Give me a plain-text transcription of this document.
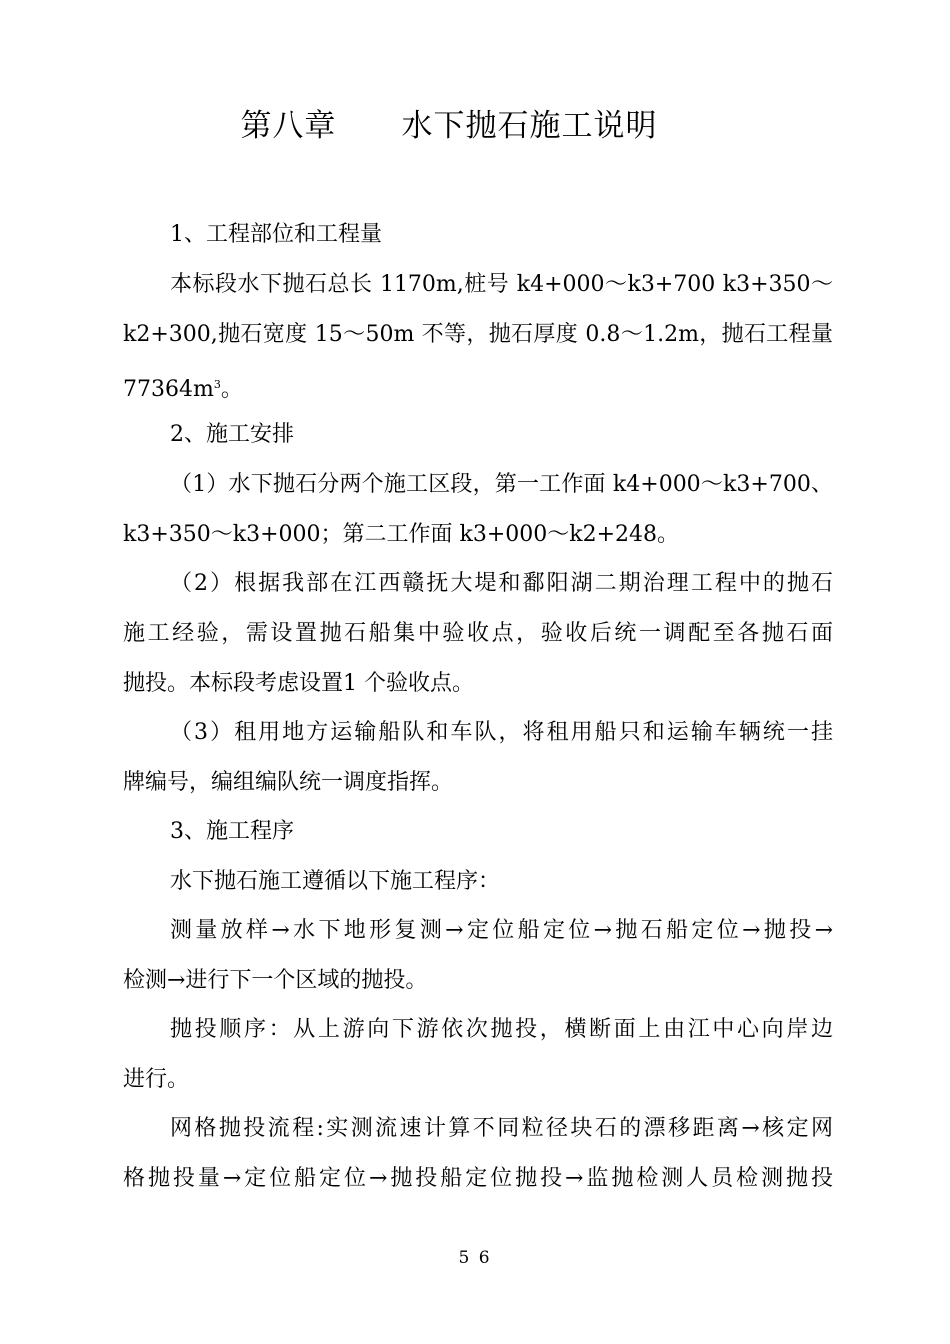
第八章      水下抛石施工说明
1、工程部位和工程量
本标段水下抛石总长 1170m,桩号 k4+000～k3+700 k3+350～
k2+300,抛石宽度 15～50m 不等，抛石厚度 0.8～1.2m，抛石工程量
$77364m^3$。
2、施工安排
（1）水下抛石分两个施工区段，第一工作面 k4+000～k3+700、
k3+350～k3+000；第二工作面 k3+000～k2+248。
（2）根据我部在江西赣抚大堤和鄱阳湖二期治理工程中的抛石
施工经验，需设置抛石船集中验收点，验收后统一调配至各抛石面
抛投。本标段考虑设置1 个验收点。
（3）租用地方运输船队和车队，将租用船只和运输车辆统一挂
牌编号，编组编队统一调度指挥。
3、施工程序
水下抛石施工遵循以下施工程序：
测量放样→水下地形复测→定位船定位→抛石船定位→抛投→
检测→进行下一个区域的抛投。
抛投顺序：从上游向下游依次抛投，横断面上由江中心向岸边
进行。
网格抛投流程:实测流速计算不同粒径块石的漂移距离→核定网
格抛投量→定位船定位→抛投船定位抛投→监抛检测人员检测抛投
5 6
